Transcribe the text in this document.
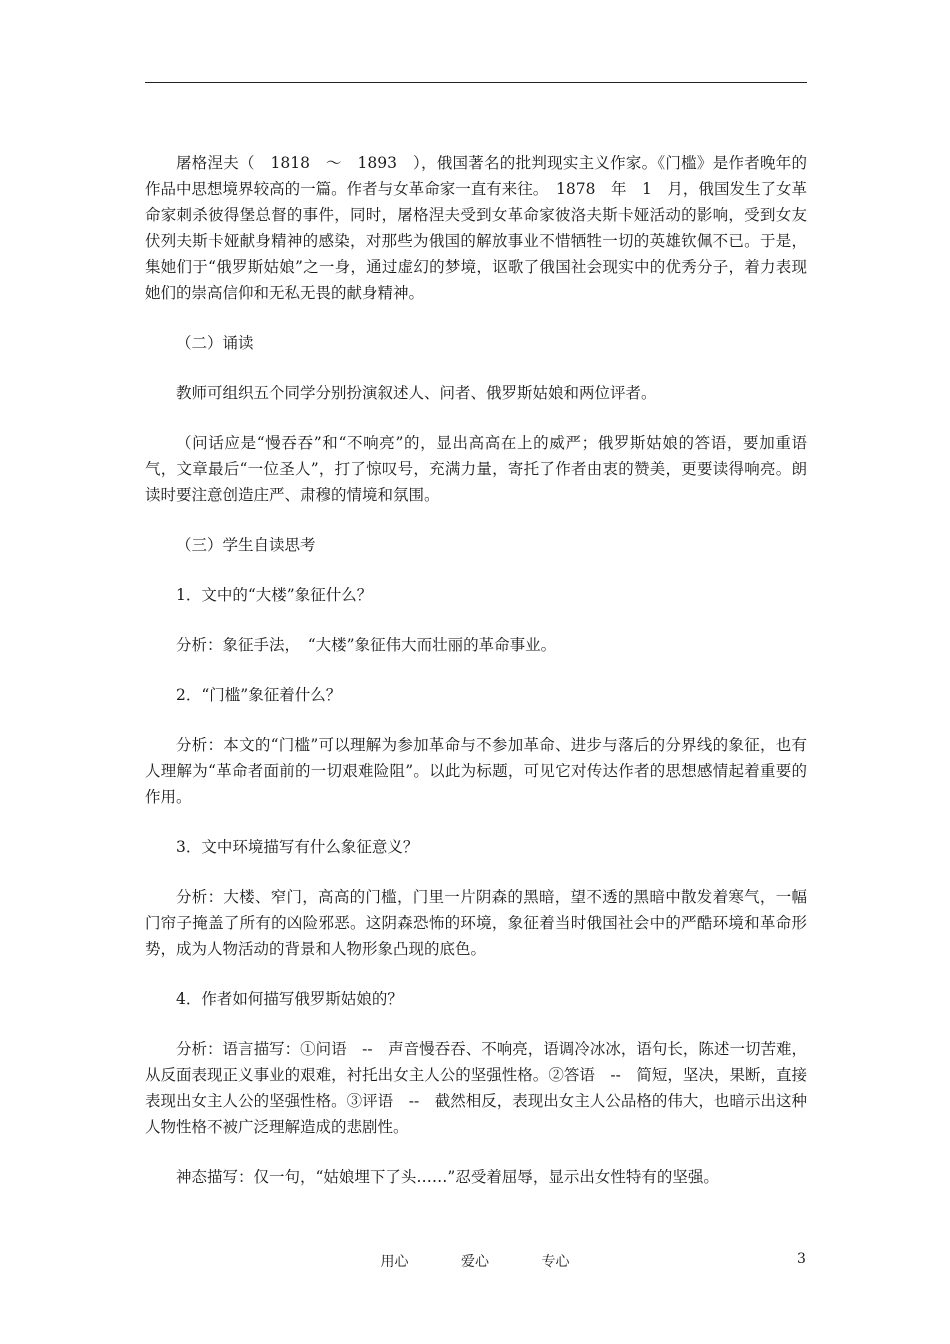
屠格涅夫（　1818　～　1893　），俄国著名的批判现实主义作家。《门槛》是作者晚年的作品中思想境界较高的一篇。作者与女革命家一直有来往。　1878　年　1　月，俄国发生了女革命家刺杀彼得堡总督的事件，同时，屠格涅夫受到女革命家彼洛夫斯卡娅活动的影响，受到女友伏列夫斯卡娅献身精神的感染，对那些为俄国的解放事业不惜牺牲一切的英雄钦佩不已。于是，集她们于“俄罗斯姑娘”之一身，通过虚幻的梦境，讴歌了俄国社会现实中的优秀分子，着力表现她们的崇高信仰和无私无畏的献身精神。

（二）诵读

教师可组织五个同学分别扮演叙述人、问者、俄罗斯姑娘和两位评者。

（问话应是“慢吞吞”和“不响亮”的，显出高高在上的威严；俄罗斯姑娘的答语，要加重语气，文章最后“一位圣人”，打了惊叹号，充满力量，寄托了作者由衷的赞美，更要读得响亮。朗读时要注意创造庄严、肃穆的情境和氛围。

（三）学生自读思考

1．文中的“大楼”象征什么？

分析：象征手法，　“大楼”象征伟大而壮丽的革命事业。

2．“门槛”象征着什么？

分析：本文的“门槛”可以理解为参加革命与不参加革命、进步与落后的分界线的象征，也有人理解为“革命者面前的一切艰难险阻”。以此为标题，可见它对传达作者的思想感情起着重要的作用。

3．文中环境描写有什么象征意义？

分析：大楼、窄门，高高的门槛，门里一片阴森的黑暗，望不透的黑暗中散发着寒气，一幅门帘子掩盖了所有的凶险邪恶。这阴森恐怖的环境，象征着当时俄国社会中的严酷环境和革命形势，成为人物活动的背景和人物形象凸现的底色。

4．作者如何描写俄罗斯姑娘的？

分析：语言描写：①问语　--　声音慢吞吞、不响亮，语调冷冰冰，语句长，陈述一切苦难，从反面表现正义事业的艰难，衬托出女主人公的坚强性格。②答语　--　简短，坚决，果断，直接表现出女主人公的坚强性格。③评语　--　截然相反，表现出女主人公品格的伟大，也暗示出这种人物性格不被广泛理解造成的悲剧性。

神态描写：仅一句，“姑娘埋下了头……”忍受着屈辱，显示出女性特有的坚强。

用心	爱心	专心	3
